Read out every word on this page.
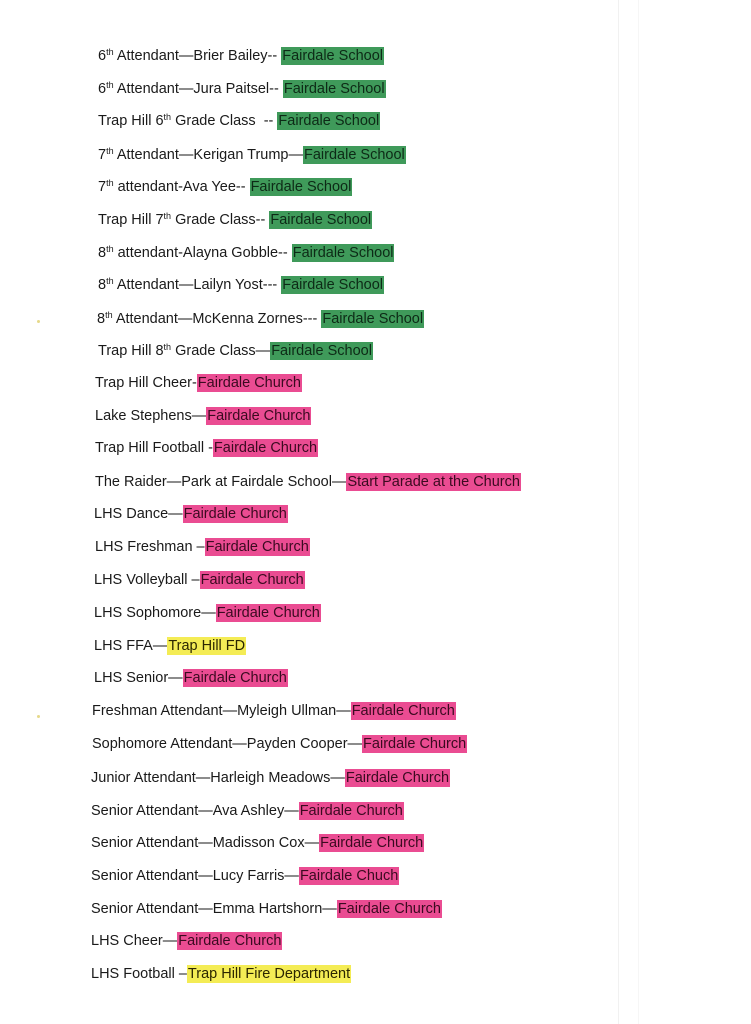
6th Attendant—Brier Bailey-- Fairdale School
6th Attendant—Jura Paitsel-- Fairdale School
Trap Hill 6th Grade Class  -- Fairdale School
7th Attendant—Kerigan Trump—Fairdale School
7th attendant-Ava Yee-- Fairdale School
Trap Hill 7th Grade Class-- Fairdale School
8th attendant-Alayna Gobble-- Fairdale School
8th Attendant—Lailyn Yost--- Fairdale School
8th Attendant—McKenna Zornes--- Fairdale School
Trap Hill 8th Grade Class—Fairdale School
Trap Hill Cheer-Fairdale Church
Lake Stephens—Fairdale Church
Trap Hill Football -Fairdale Church
The Raider—Park at Fairdale School—Start Parade at the Church
LHS Dance—Fairdale Church
LHS Freshman –Fairdale Church
LHS Volleyball –Fairdale Church
LHS Sophomore—Fairdale Church
LHS FFA—Trap Hill FD
LHS Senior—Fairdale Church
Freshman Attendant—Myleigh Ullman—Fairdale Church
Sophomore Attendant—Payden Cooper—Fairdale Church
Junior Attendant—Harleigh Meadows—Fairdale Church
Senior Attendant—Ava Ashley—Fairdale Church
Senior Attendant—Madisson Cox—Fairdale Church
Senior Attendant—Lucy Farris—Fairdale Chuch
Senior Attendant—Emma Hartshorn—Fairdale Church
LHS Cheer—Fairdale Church
LHS Football –Trap Hill Fire Department
